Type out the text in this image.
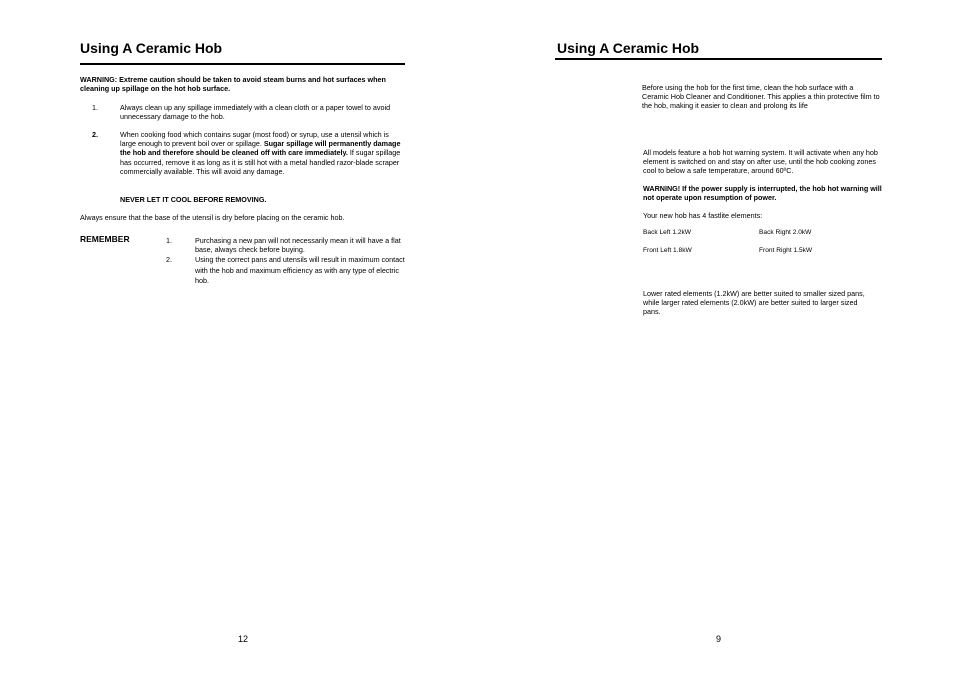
Using A Ceramic Hob
WARNING: Extreme caution should be taken to avoid steam burns and hot surfaces when cleaning up spillage on the hot hob surface.
1.	Always clean up any spillage immediately with a clean cloth or a paper towel to avoid unnecessary damage to the hob.
2.	When cooking food which contains sugar (most food) or syrup, use a utensil which is large enough to prevent boil over or spillage. Sugar spillage will permanently damage the hob and therefore should be cleaned off with care immediately. If sugar spillage has occurred, remove it as long as it is still hot with a metal handled razor-blade scraper commercially available. This will avoid any damage.
NEVER LET IT COOL BEFORE REMOVING.
Always ensure that the base of the utensil is dry before placing on the ceramic hob.
REMEMBER	1.	Purchasing a new pan will not necessarily mean it will have a flat base, always check before buying.
2.	Using the correct pans and utensils will result in maximum contact with the hob and maximum efficiency as with any type of electric hob.
12
Using A Ceramic Hob
Before using the hob for the first time, clean the hob surface with a Ceramic Hob Cleaner and Conditioner. This applies a thin protective film to the hob, making it easier to clean and prolong its life
All models feature a hob hot warning system. It will activate when any hob element is switched on and stay on after use, until the hob cooking zones cool to below a safe temperature, around 60ºC.
WARNING! If the power supply is interrupted, the hob hot warning will not operate upon resumption of power.
Your new hob has 4 fastlite elements:
Back Left 1.2kW	Back Right 2.0kW
Front Left 1.8kW	Front Right 1.5kW
Lower rated elements (1.2kW) are better suited to smaller sized pans, while larger rated elements (2.0kW) are better suited to larger sized pans.
9
